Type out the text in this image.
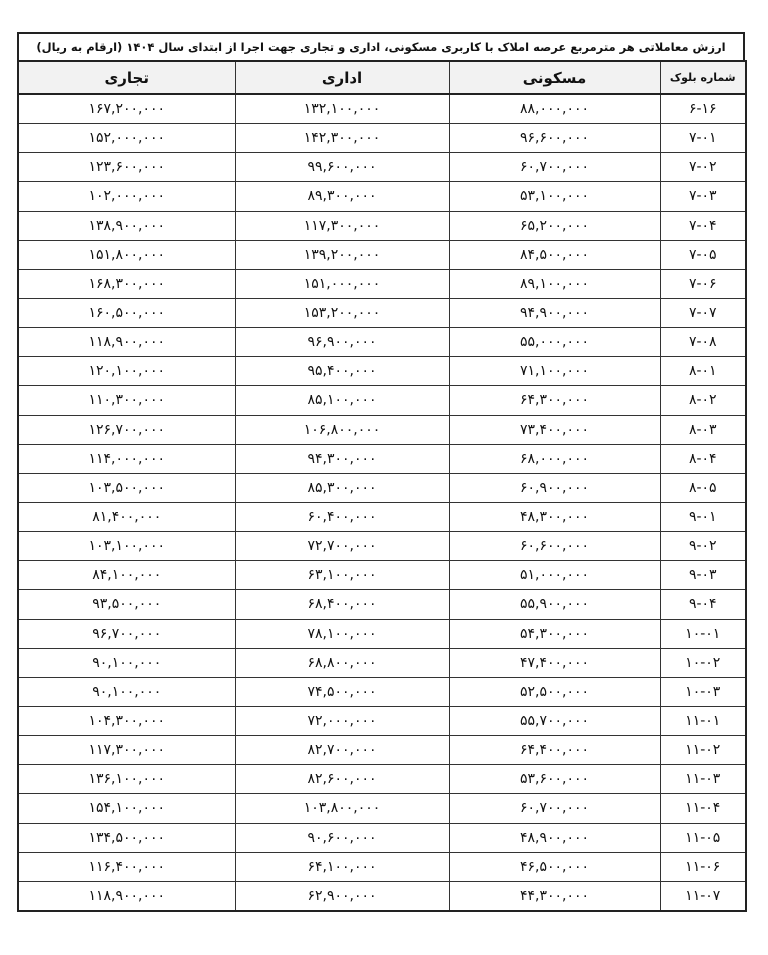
ارزش معاملاتی هر مترمربع عرصه املاک با کاربری مسکونی، اداری و تجاری جهت اجرا از ابتدای سال ۱۴۰۴ (ارقام به ریال)
شماره بلوک	مسکونی	اداری	تجاری
۶-۱۶	۸۸,۰۰۰,۰۰۰	۱۳۲,۱۰۰,۰۰۰	۱۶۷,۲۰۰,۰۰۰
۷-۰۱	۹۶,۶۰۰,۰۰۰	۱۴۲,۳۰۰,۰۰۰	۱۵۲,۰۰۰,۰۰۰
۷-۰۲	۶۰,۷۰۰,۰۰۰	۹۹,۶۰۰,۰۰۰	۱۲۳,۶۰۰,۰۰۰
۷-۰۳	۵۳,۱۰۰,۰۰۰	۸۹,۳۰۰,۰۰۰	۱۰۲,۰۰۰,۰۰۰
۷-۰۴	۶۵,۲۰۰,۰۰۰	۱۱۷,۳۰۰,۰۰۰	۱۳۸,۹۰۰,۰۰۰
۷-۰۵	۸۴,۵۰۰,۰۰۰	۱۳۹,۲۰۰,۰۰۰	۱۵۱,۸۰۰,۰۰۰
۷-۰۶	۸۹,۱۰۰,۰۰۰	۱۵۱,۰۰۰,۰۰۰	۱۶۸,۳۰۰,۰۰۰
۷-۰۷	۹۴,۹۰۰,۰۰۰	۱۵۳,۲۰۰,۰۰۰	۱۶۰,۵۰۰,۰۰۰
۷-۰۸	۵۵,۰۰۰,۰۰۰	۹۶,۹۰۰,۰۰۰	۱۱۸,۹۰۰,۰۰۰
۸-۰۱	۷۱,۱۰۰,۰۰۰	۹۵,۴۰۰,۰۰۰	۱۲۰,۱۰۰,۰۰۰
۸-۰۲	۶۴,۳۰۰,۰۰۰	۸۵,۱۰۰,۰۰۰	۱۱۰,۳۰۰,۰۰۰
۸-۰۳	۷۳,۴۰۰,۰۰۰	۱۰۶,۸۰۰,۰۰۰	۱۲۶,۷۰۰,۰۰۰
۸-۰۴	۶۸,۰۰۰,۰۰۰	۹۴,۳۰۰,۰۰۰	۱۱۴,۰۰۰,۰۰۰
۸-۰۵	۶۰,۹۰۰,۰۰۰	۸۵,۳۰۰,۰۰۰	۱۰۳,۵۰۰,۰۰۰
۹-۰۱	۴۸,۳۰۰,۰۰۰	۶۰,۴۰۰,۰۰۰	۸۱,۴۰۰,۰۰۰
۹-۰۲	۶۰,۶۰۰,۰۰۰	۷۲,۷۰۰,۰۰۰	۱۰۳,۱۰۰,۰۰۰
۹-۰۳	۵۱,۰۰۰,۰۰۰	۶۳,۱۰۰,۰۰۰	۸۴,۱۰۰,۰۰۰
۹-۰۴	۵۵,۹۰۰,۰۰۰	۶۸,۴۰۰,۰۰۰	۹۳,۵۰۰,۰۰۰
۱۰-۰۱	۵۴,۳۰۰,۰۰۰	۷۸,۱۰۰,۰۰۰	۹۶,۷۰۰,۰۰۰
۱۰-۰۲	۴۷,۴۰۰,۰۰۰	۶۸,۸۰۰,۰۰۰	۹۰,۱۰۰,۰۰۰
۱۰-۰۳	۵۲,۵۰۰,۰۰۰	۷۴,۵۰۰,۰۰۰	۹۰,۱۰۰,۰۰۰
۱۱-۰۱	۵۵,۷۰۰,۰۰۰	۷۲,۰۰۰,۰۰۰	۱۰۴,۳۰۰,۰۰۰
۱۱-۰۲	۶۴,۴۰۰,۰۰۰	۸۲,۷۰۰,۰۰۰	۱۱۷,۳۰۰,۰۰۰
۱۱-۰۳	۵۳,۶۰۰,۰۰۰	۸۲,۶۰۰,۰۰۰	۱۳۶,۱۰۰,۰۰۰
۱۱-۰۴	۶۰,۷۰۰,۰۰۰	۱۰۳,۸۰۰,۰۰۰	۱۵۴,۱۰۰,۰۰۰
۱۱-۰۵	۴۸,۹۰۰,۰۰۰	۹۰,۶۰۰,۰۰۰	۱۳۴,۵۰۰,۰۰۰
۱۱-۰۶	۴۶,۵۰۰,۰۰۰	۶۴,۱۰۰,۰۰۰	۱۱۶,۴۰۰,۰۰۰
۱۱-۰۷	۴۴,۳۰۰,۰۰۰	۶۲,۹۰۰,۰۰۰	۱۱۸,۹۰۰,۰۰۰
